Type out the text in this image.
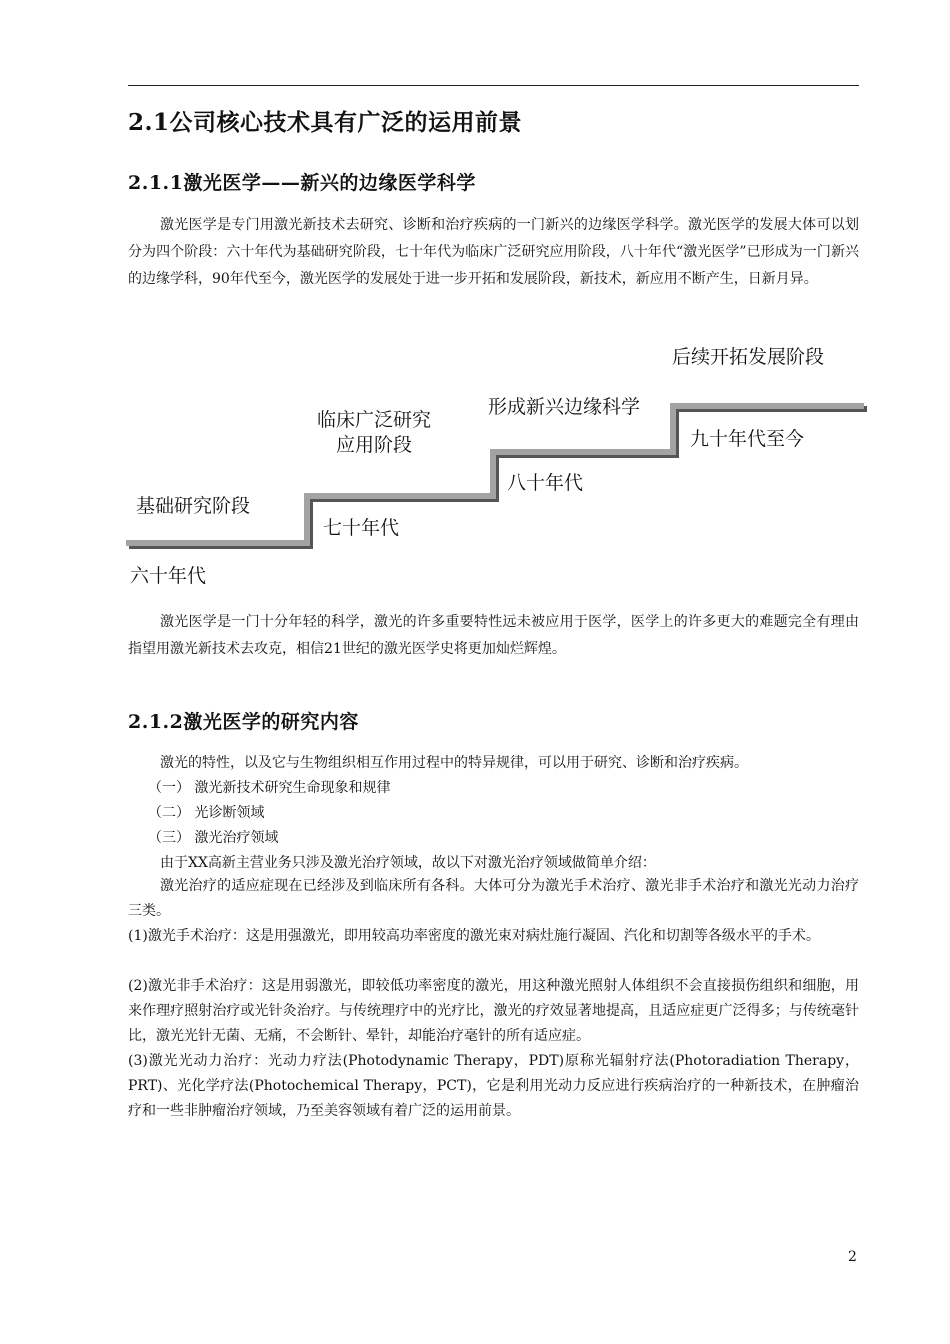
2.1公司核心技术具有广泛的运用前景
2.1.1激光医学——新兴的边缘医学科学
激光医学是专门用激光新技术去研究、诊断和治疗疾病的一门新兴的边缘医学科学。激光医学的发展大体可以划分为四个阶段：六十年代为基础研究阶段，七十年代为临床广泛研究应用阶段，八十年代“激光医学”已形成为一门新兴的边缘学科，90年代至今，激光医学的发展处于进一步开拓和发展阶段，新技术，新应用不断产生，日新月异。
基础研究阶段
六十年代
临床广泛研究
应用阶段
七十年代
形成新兴边缘科学
八十年代
后续开拓发展阶段
九十年代至今
激光医学是一门十分年轻的科学，激光的许多重要特性远未被应用于医学，医学上的许多更大的难题完全有理由指望用激光新技术去攻克，相信21世纪的激光医学史将更加灿烂辉煌。
2.1.2激光医学的研究内容
激光的特性，以及它与生物组织相互作用过程中的特异规律，可以用于研究、诊断和治疗疾病。
（一） 激光新技术研究生命现象和规律
（二） 光诊断领域
（三） 激光治疗领域
由于XX高新主营业务只涉及激光治疗领域，故以下对激光治疗领域做简单介绍：
激光治疗的适应症现在已经涉及到临床所有各科。大体可分为激光手术治疗、激光非手术治疗和激光光动力治疗三类。
(1)激光手术治疗：这是用强激光，即用较高功率密度的激光束对病灶施行凝固、汽化和切割等各级水平的手术。
(2)激光非手术治疗：这是用弱激光，即较低功率密度的激光，用这种激光照射人体组织不会直接损伤组织和细胞，用来作理疗照射治疗或光针灸治疗。与传统理疗中的光疗比，激光的疗效显著地提高，且适应症更广泛得多；与传统毫针比，激光光针无菌、无痛，不会断针、晕针，却能治疗毫针的所有适应症。
(3)激光光动力治疗：光动力疗法(Photodynamic Therapy，PDT)原称光辐射疗法(Photoradiation Therapy，PRT)、光化学疗法(Photochemical Therapy，PCT)，它是利用光动力反应进行疾病治疗的一种新技术，在肿瘤治疗和一些非肿瘤治疗领域，乃至美容领域有着广泛的运用前景。
2
